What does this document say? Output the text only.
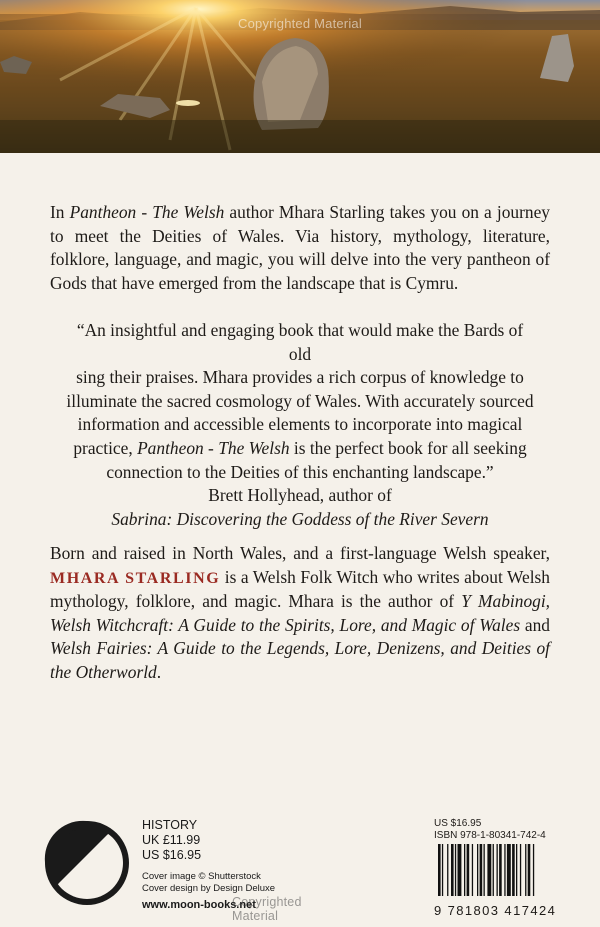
Copyrighted Material

In Pantheon - The Welsh author Mhara Starling takes you on a journey to meet the Deities of Wales. Via history, mythology, literature, folklore, language, and magic, you will delve into the very pantheon of Gods that have emerged from the landscape that is Cymru.

“An insightful and engaging book that would make the Bards of old
sing their praises. Mhara provides a rich corpus of knowledge to
illuminate the sacred cosmology of Wales. With accurately sourced
information and accessible elements to incorporate into magical
practice, Pantheon - The Welsh is the perfect book for all seeking
connection to the Deities of this enchanting landscape.”
Brett Hollyhead, author of
Sabrina: Discovering the Goddess of the River Severn

Born and raised in North Wales, and a first-language Welsh speaker, MHARA STARLING is a Welsh Folk Witch who writes about Welsh mythology, folklore, and magic. Mhara is the author of Y Mabinogi, Welsh Witchcraft: A Guide to the Spirits, Lore, and Magic of Wales and Welsh Fairies: A Guide to the Legends, Lore, Denizens, and Deities of the Otherworld.

HISTORY
UK £11.99
US $16.95
Cover image © Shutterstock
Cover design by Design Deluxe
www.moon-books.net
Copyrighted Material
US $16.95
ISBN 978-1-80341-742-4
9 781803 417424
